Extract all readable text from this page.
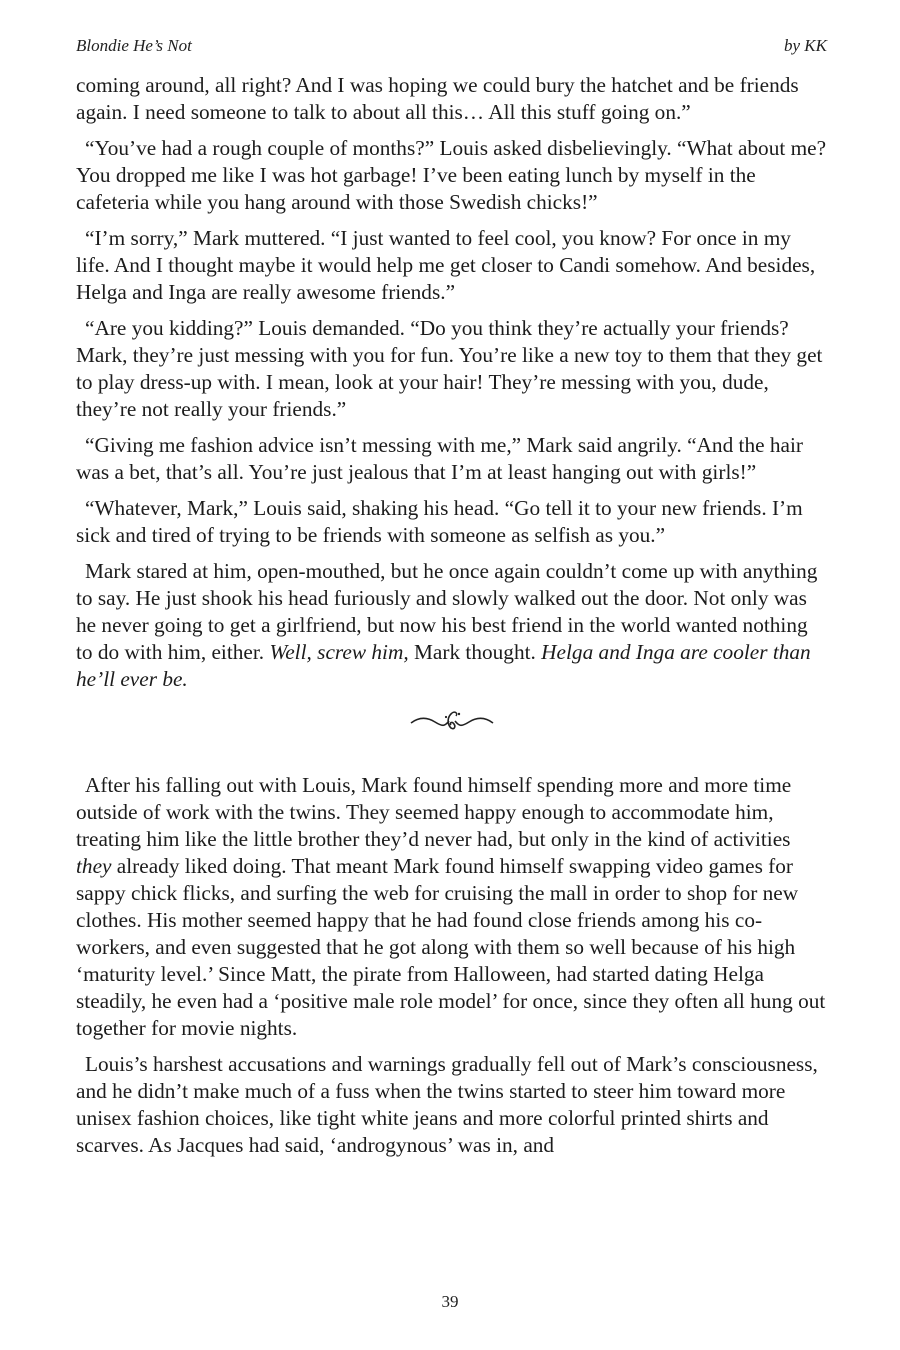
Blondie He’s Not	by KK

coming around, all right? And I was hoping we could bury the hatchet and be friends again. I need someone to talk to about all this… All this stuff going on.”

“You’ve had a rough couple of months?” Louis asked disbelievingly. “What about me? You dropped me like I was hot garbage! I’ve been eating lunch by myself in the cafeteria while you hang around with those Swedish chicks!”

“I’m sorry,” Mark muttered. “I just wanted to feel cool, you know? For once in my life. And I thought maybe it would help me get closer to Candi somehow. And besides, Helga and Inga are really awesome friends.”

“Are you kidding?” Louis demanded. “Do you think they’re actually your friends? Mark, they’re just messing with you for fun. You’re like a new toy to them that they get to play dress-up with. I mean, look at your hair! They’re messing with you, dude, they’re not really your friends.”

“Giving me fashion advice isn’t messing with me,” Mark said angrily. “And the hair was a bet, that’s all. You’re just jealous that I’m at least hanging out with girls!”

“Whatever, Mark,” Louis said, shaking his head. “Go tell it to your new friends. I’m sick and tired of trying to be friends with someone as selfish as you.”

Mark stared at him, open-mouthed, but he once again couldn’t come up with anything to say. He just shook his head furiously and slowly walked out the door. Not only was he never going to get a girlfriend, but now his best friend in the world wanted nothing to do with him, either. Well, screw him, Mark thought. Helga and Inga are cooler than he’ll ever be.

After his falling out with Louis, Mark found himself spending more and more time outside of work with the twins. They seemed happy enough to accommodate him, treating him like the little brother they’d never had, but only in the kind of activities they already liked doing. That meant Mark found himself swapping video games for sappy chick flicks, and surfing the web for cruising the mall in order to shop for new clothes. His mother seemed happy that he had found close friends among his co-workers, and even suggested that he got along with them so well because of his high ‘maturity level.’ Since Matt, the pirate from Halloween, had started dating Helga steadily, he even had a ‘positive male role model’ for once, since they often all hung out together for movie nights.

Louis’s harshest accusations and warnings gradually fell out of Mark’s consciousness, and he didn’t make much of a fuss when the twins started to steer him toward more unisex fashion choices, like tight white jeans and more colorful printed shirts and scarves. As Jacques had said, ‘androgynous’ was in, and

39
